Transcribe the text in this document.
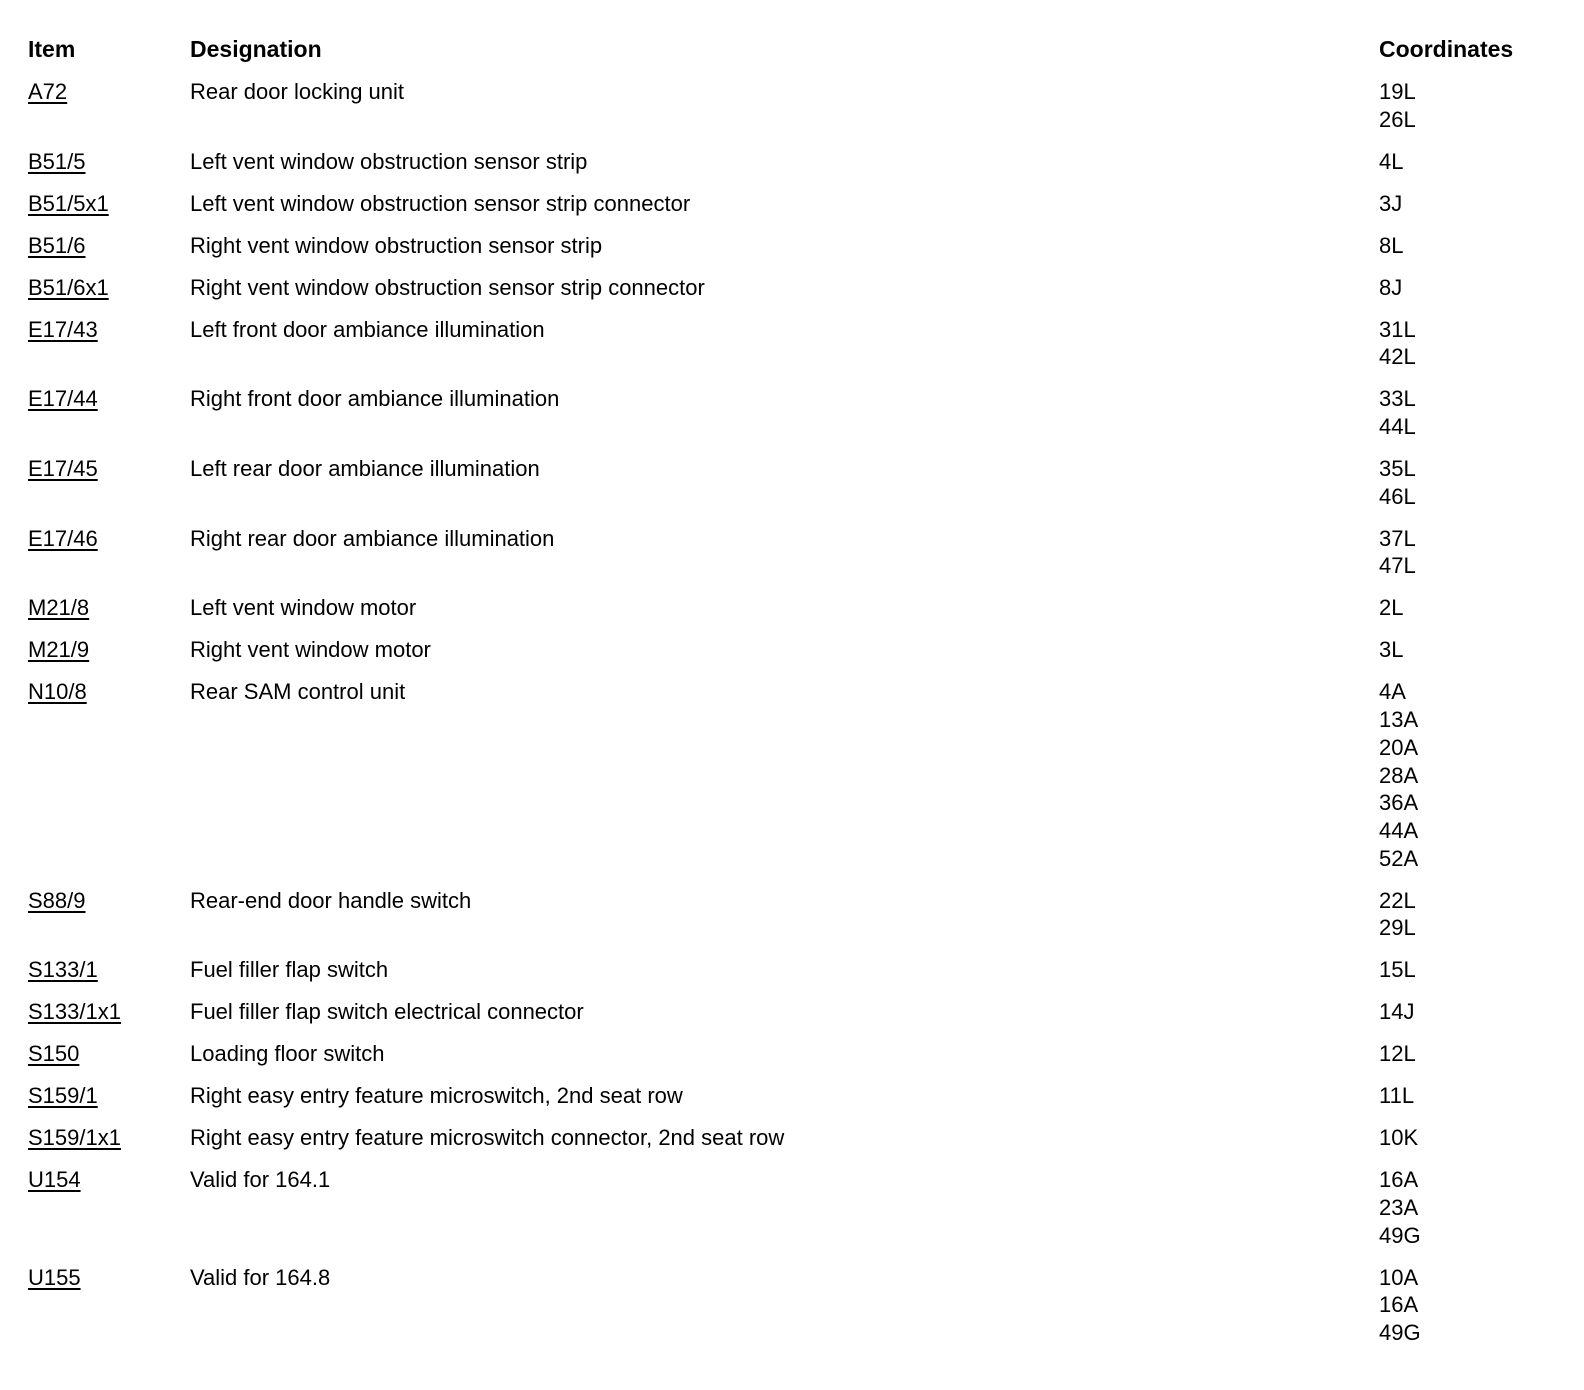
Item	Designation	Coordinates
A72	Rear door locking unit	19L
26L
B51/5	Left vent window obstruction sensor strip	4L
B51/5x1	Left vent window obstruction sensor strip connector	3J
B51/6	Right vent window obstruction sensor strip	8L
B51/6x1	Right vent window obstruction sensor strip connector	8J
E17/43	Left front door ambiance illumination	31L
42L
E17/44	Right front door ambiance illumination	33L
44L
E17/45	Left rear door ambiance illumination	35L
46L
E17/46	Right rear door ambiance illumination	37L
47L
M21/8	Left vent window motor	2L
M21/9	Right vent window motor	3L
N10/8	Rear SAM control unit	4A
13A
20A
28A
36A
44A
52A
S88/9	Rear-end door handle switch	22L
29L
S133/1	Fuel filler flap switch	15L
S133/1x1	Fuel filler flap switch electrical connector	14J
S150	Loading floor switch	12L
S159/1	Right easy entry feature microswitch, 2nd seat row	11L
S159/1x1	Right easy entry feature microswitch connector, 2nd seat row	10K
U154	Valid for 164.1	16A
23A
49G
U155	Valid for 164.8	10A
16A
49G
